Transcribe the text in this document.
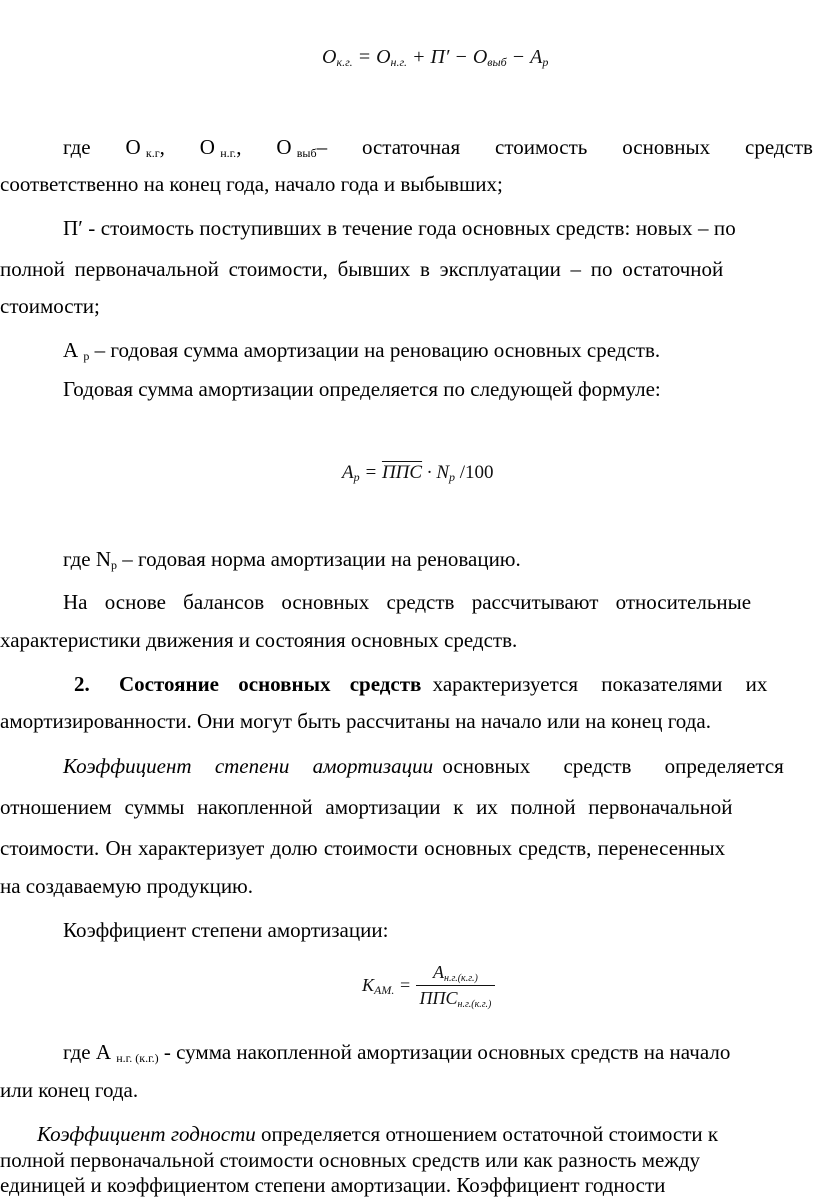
Oк.г. = Oн.г. + П′ − Oвыб − Aр
где О к.г, О н.г., О выб– остаточная стоимость основных средств
соответственно на конец года, начало года и выбывших;
П′ - стоимость поступивших в течение года основных средств: новых – по
полной первоначальной стоимости, бывших в эксплуатации – по остаточной
стоимости;
А р – годовая сумма амортизации на реновацию основных средств.
Годовая сумма амортизации определяется по следующей формуле:
Aр = ППС · Nр /100
где Nр – годовая норма амортизации на реновацию.
На основе балансов основных средств рассчитывают относительные
характеристики движения и состояния основных средств.
2. Состояние основных средств характеризуется показателями их
амортизированности. Они могут быть рассчитаны на начало или на конец года.
Коэффициент степени амортизации основных средств определяется
отношением суммы накопленной амортизации к их полной первоначальной
стоимости. Он характеризует долю стоимости основных средств, перенесенных
на создаваемую продукцию.
Коэффициент степени амортизации:
KAM. = $\frac{Aн.г.(к.г.)}{\text{ППСн.г.(к.г.)}}$
где А н.г. (к.г.) - сумма накопленной амортизации основных средств на начало
или конец года.
Коэффициент годности определяется отношением остаточной стоимости к
полной первоначальной стоимости основных средств или как разность между
единицей и коэффициентом степени амортизации. Коэффициент годности
